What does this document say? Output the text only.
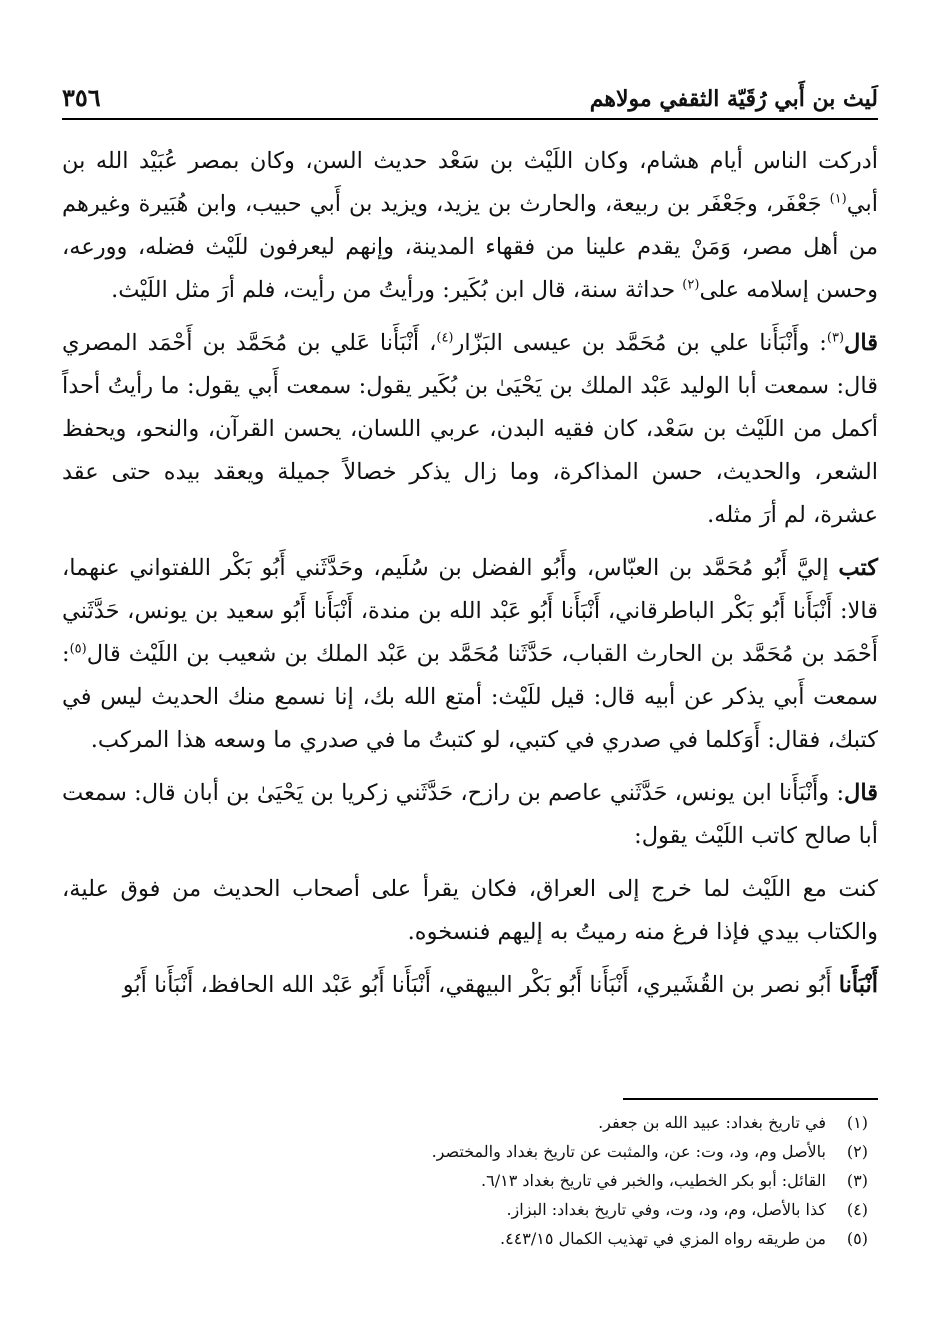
لَيث بن أَبي رُقَيّة الثقفي مولاهم
٣٥٦

أدركت الناس أيام هشام، وكان اللَيْث بن سَعْد حديث السن، وكان بمصر عُبَيْد الله بن أبي$^{(١)}$ جَعْفَر، وجَعْفَر بن ربيعة، والحارث بن يزيد، ويزيد بن أَبي حبيب، وابن هُبَيرة وغيرهم من أهل مصر، وَمَنْ يقدم علينا من فقهاء المدينة، وإنهم ليعرفون للَيْث فضله، وورعه، وحسن إسلامه على$^{(٢)}$ حداثة سنة، قال ابن بُكَير: ورأيتُ من رأيت، فلم أرَ مثل اللَيْث.

قال$^{(٣)}$: وأَنْبَأَنا علي بن مُحَمَّد بن عيسى البَزّار$^{(٤)}$، أَنْبَأَنا عَلي بن مُحَمَّد بن أَحْمَد المصري قال: سمعت أبا الوليد عَبْد الملك بن يَحْيَىٰ بن بُكَير يقول: سمعت أَبي يقول: ما رأيتُ أحداً أكمل من اللَيْث بن سَعْد، كان فقيه البدن، عربي اللسان، يحسن القرآن، والنحو، ويحفظ الشعر، والحديث، حسن المذاكرة، وما زال يذكر خصالاً جميلة ويعقد بيده حتى عقد عشرة، لم أرَ مثله.

كتب إليَّ أَبُو مُحَمَّد بن العبّاس، وأَبُو الفضل بن سُلَيم، وحَدَّثَني أَبُو بَكْر اللفتواني عنهما، قالا: أَنْبَأَنا أَبُو بَكْر الباطرقاني، أَنْبَأَنا أَبُو عَبْد الله بن مندة، أَنْبَأَنا أَبُو سعيد بن يونس، حَدَّثَني أَحْمَد بن مُحَمَّد بن الحارث القباب، حَدَّثَنا مُحَمَّد بن عَبْد الملك بن شعيب بن اللَيْث قال$^{(٥)}$: سمعت أَبي يذكر عن أبيه قال: قيل للَيْث: أمتع الله بك، إنا نسمع منك الحديث ليس في كتبك، فقال: أَوَكلما في صدري في كتبي، لو كتبتُ ما في صدري ما وسعه هذا المركب.

قال: وأَنْبَأَنا ابن يونس، حَدَّثَني عاصم بن رازح، حَدَّثَني زكريا بن يَحْيَىٰ بن أبان قال: سمعت أبا صالح كاتب اللَيْث يقول:

كنت مع اللَيْث لما خرج إلى العراق، فكان يقرأ على أصحاب الحديث من فوق علية، والكتاب بيدي فإذا فرغ منه رميتُ به إليهم فنسخوه.

أَنْبَأَنا أَبُو نصر بن القُشَيري، أَنْبَأَنا أَبُو بَكْر البيهقي، أَنْبَأَنا أَبُو عَبْد الله الحافظ، أَنْبَأَنا أَبُو

(١)
في تاريخ بغداد: عبيد الله بن جعفر.
(٢)
بالأصل وم، ود، وت: عن، والمثبت عن تاريخ بغداد والمختصر.
(٣)
القائل: أبو بكر الخطيب، والخبر في تاريخ بغداد ٦/١٣.
(٤)
كذا بالأصل، وم، ود، وت، وفي تاريخ بغداد: البزاز.
(٥)
من طريقه رواه المزي في تهذيب الكمال ٤٤٣/١٥.
